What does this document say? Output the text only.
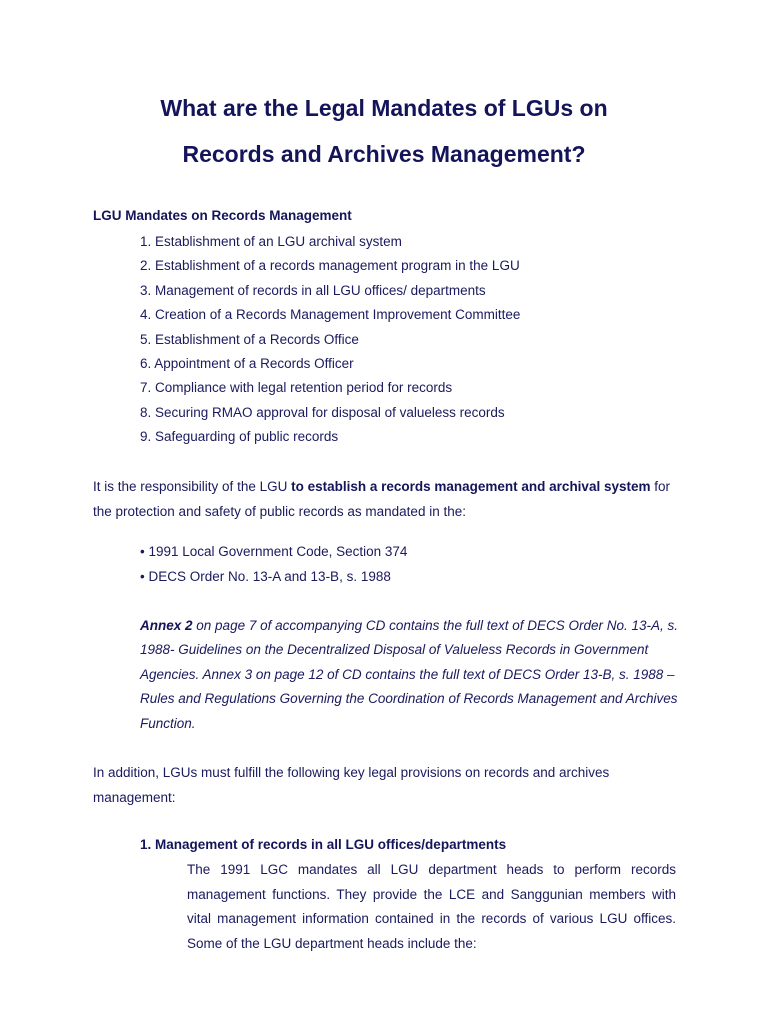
What are the Legal Mandates of LGUs on
Records and Archives Management?
LGU Mandates on Records Management
1. Establishment of an LGU archival system
2. Establishment of a records management program in the LGU
3. Management of records in all LGU offices/ departments
4. Creation of a Records Management Improvement Committee
5. Establishment of a Records Office
6. Appointment of a Records Officer
7. Compliance with legal retention period for records
8. Securing RMAO approval for disposal of valueless records
9. Safeguarding of public records
It is the responsibility of the LGU to establish a records management and archival system for the protection and safety of public records as mandated in the:
• 1991 Local Government Code, Section 374
• DECS Order No. 13-A and 13-B, s. 1988
Annex 2 on page 7 of accompanying CD contains the full text of DECS Order No. 13-A, s. 1988- Guidelines on the Decentralized Disposal of Valueless Records in Government Agencies. Annex 3 on page 12 of CD contains the full text of DECS Order 13-B, s. 1988 – Rules and Regulations Governing the Coordination of Records Management and Archives Function.
In addition, LGUs must fulfill the following key legal provisions on records and archives management:
1. Management of records in all LGU offices/departments
The 1991 LGC mandates all LGU department heads to perform records management functions. They provide the LCE and Sanggunian members with vital management information contained in the records of various LGU offices. Some of the LGU department heads include the:
